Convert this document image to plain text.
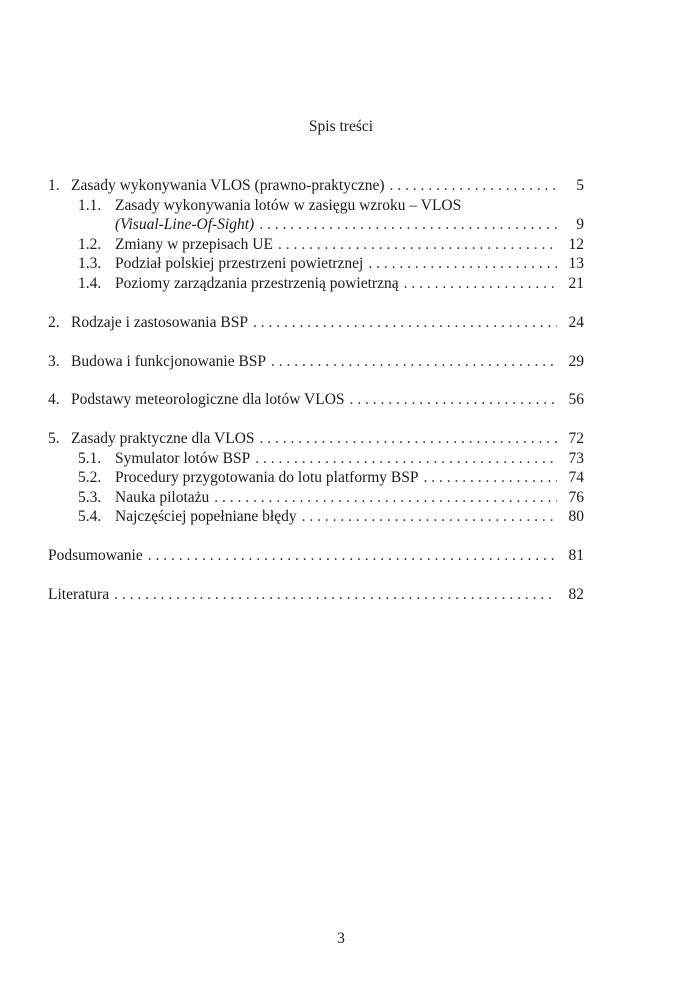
Spis treści
1. Zasady wykonywania VLOS (prawno-praktyczne) . . .	5
1.1. Zasady wykonywania lotów w zasięgu wzroku – VLOS
(Visual-Line-Of-Sight) . . .	9
1.2. Zmiany w przepisach UE . . .	12
1.3. Podział polskiej przestrzeni powietrznej . . .	13
1.4. Poziomy zarządzania przestrzenią powietrzną . . .	21
2. Rodzaje i zastosowania BSP . . .	24
3. Budowa i funkcjonowanie BSP . . .	29
4. Podstawy meteorologiczne dla lotów VLOS . . .	56
5. Zasady praktyczne dla VLOS . . .	72
5.1. Symulator lotów BSP . . .	73
5.2. Procedury przygotowania do lotu platformy BSP . . .	74
5.3. Nauka pilotażu . . .	76
5.4. Najczęściej popełniane błędy . . .	80
Podsumowanie . . .	81
Literatura . . .	82
3
